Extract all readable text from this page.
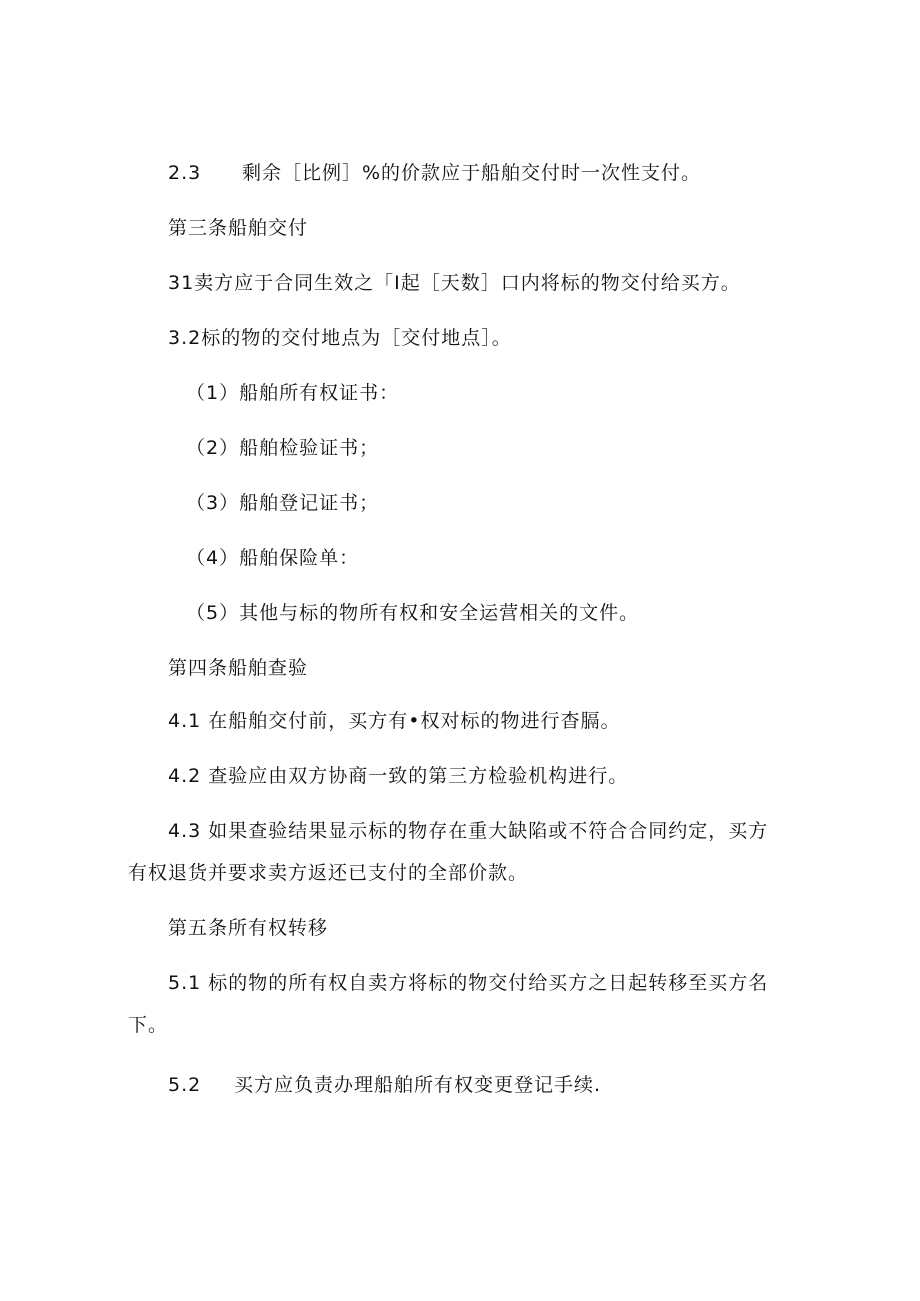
2.3 剩余［比例］%的价款应于船舶交付时一次性支付。
第三条船舶交付
31卖方应于合同生效之「I起［天数］口内将标的物交付给买方。
3.2标的物的交付地点为［交付地点］。
（1）船舶所有权证书：
（2）船舶检验证书；
（3）船舶登记证书；
（4）船舶保险单：
（5）其他与标的物所有权和安全运营相关的文件。
第四条船舶查验
4.1 在船舶交付前，买方有•权对标的物进行杳膈。
4.2 查验应由双方协商一致的第三方检验机构进行。
4.3 如果查验结果显示标的物存在重大缺陷或不符合合同约定，买方
有权退货并要求卖方返还已支付的全部价款。
第五条所有权转移
5.1 标的物的所有权自卖方将标的物交付给买方之日起转移至买方名
下。
5.2 买方应负责办理船舶所有权变更登记手续.
